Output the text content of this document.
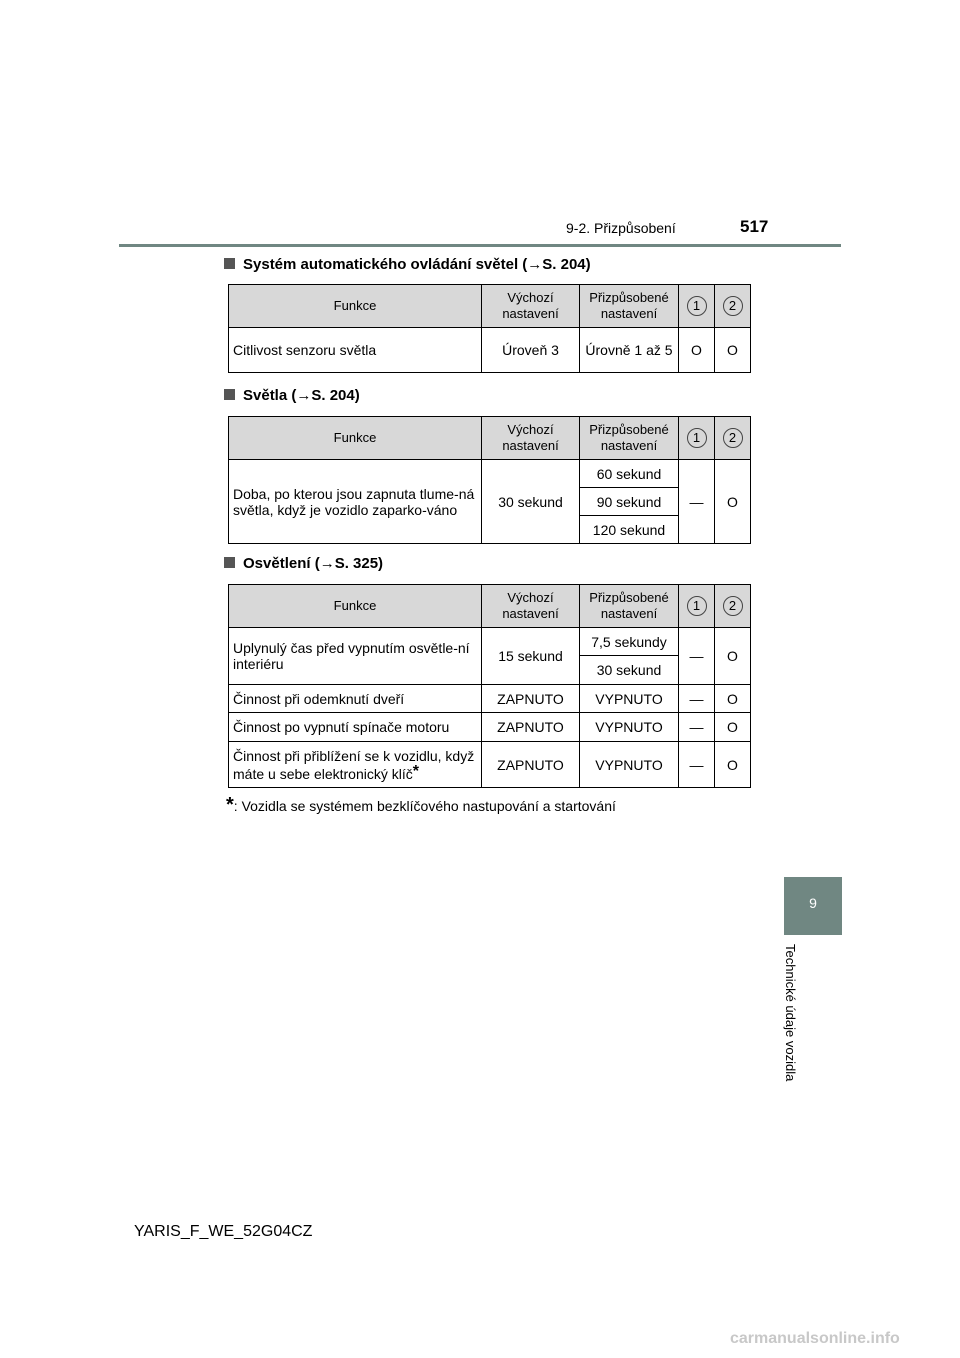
9-2. Přizpůsobení	517
Systém automatického ovládání světel (→S. 204)
Funkce	Výchozí nastavení	Přizpůsobené nastavení	1	2
Citlivost senzoru světla	Úroveň 3	Úrovně 1 až 5	O	O
Světla (→S. 204)
Funkce	Výchozí nastavení	Přizpůsobené nastavení	1	2
Doba, po kterou jsou zapnuta tlume-ná světla, když je vozidlo zaparko-váno	30 sekund	60 sekund	—	O
		90 sekund		
		120 sekund		
Osvětlení (→S. 325)
Funkce	Výchozí nastavení	Přizpůsobené nastavení	1	2
Uplynulý čas před vypnutím osvětle-ní interiéru	15 sekund	7,5 sekundy	—	O
		30 sekund		
Činnost při odemknutí dveří	ZAPNUTO	VYPNUTO	—	O
Činnost po vypnutí spínače motoru	ZAPNUTO	VYPNUTO	—	O
Činnost při přiblížení se k vozidlu, když máte u sebe elektronický klíč*	ZAPNUTO	VYPNUTO	—	O
*: Vozidla se systémem bezklíčového nastupování a startování
9
Technické údaje vozidla
YARIS_F_WE_52G04CZ
carmanualsonline.info
